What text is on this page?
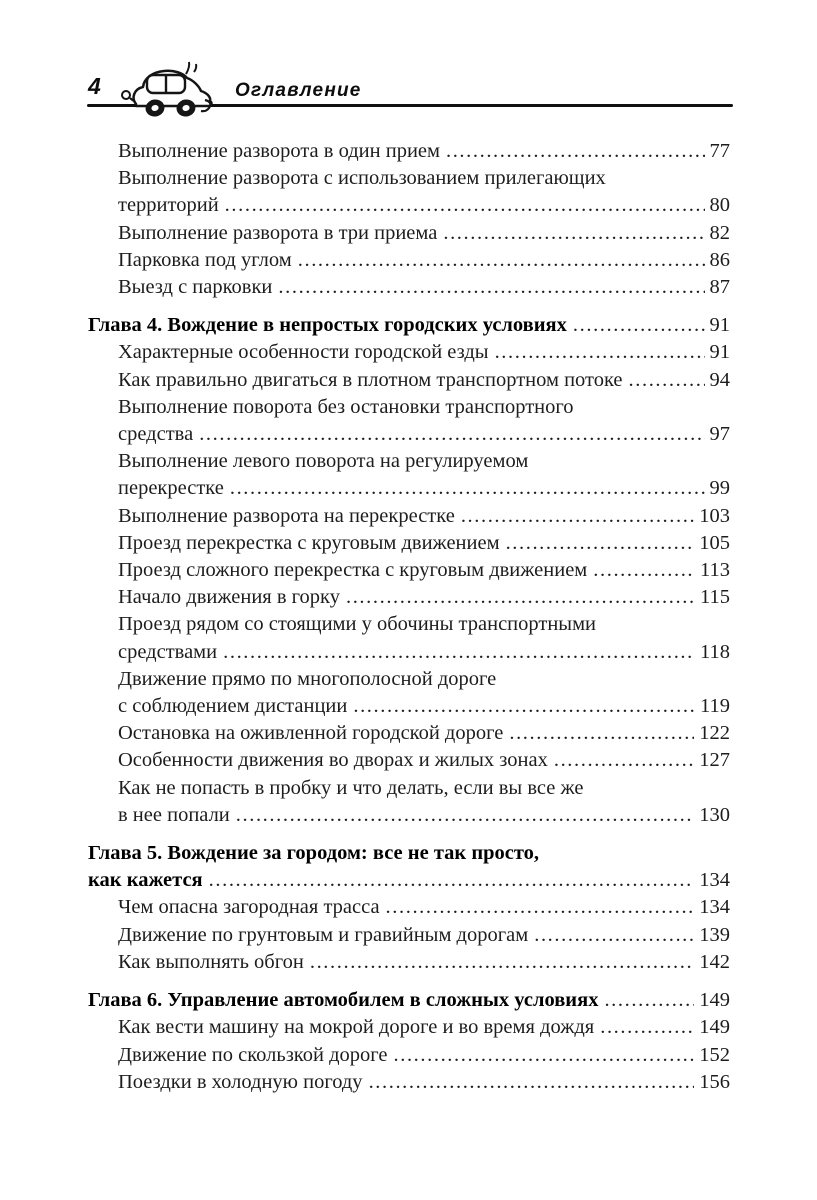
4	Оглавление
Выполнение разворота в один прием .....	77
Выполнение разворота с использованием прилегающих
территорий .....	80
Выполнение разворота в три приема .....	82
Парковка под углом .....	86
Выезд с парковки .....	87
Глава 4. Вождение в непростых городских условиях .....	91
Характерные особенности городской езды .....	91
Как правильно двигаться в плотном транспортном потоке .....	94
Выполнение поворота без остановки транспортного
средства .....	97
Выполнение левого поворота на регулируемом
перекрестке .....	99
Выполнение разворота на перекрестке .....	103
Проезд перекрестка с круговым движением .....	105
Проезд сложного перекрестка с круговым движением .....	113
Начало движения в горку .....	115
Проезд рядом со стоящими у обочины транспортными
средствами .....	118
Движение прямо по многополосной дороге
с соблюдением дистанции .....	119
Остановка на оживленной городской дороге .....	122
Особенности движения во дворах и жилых зонах .....	127
Как не попасть в пробку и что делать, если вы все же
в нее попали .....	130
Глава 5. Вождение за городом: все не так просто,
как кажется .....	134
Чем опасна загородная трасса .....	134
Движение по грунтовым и гравийным дорогам .....	139
Как выполнять обгон .....	142
Глава 6. Управление автомобилем в сложных условиях .....	149
Как вести машину на мокрой дороге и во время дождя .....	149
Движение по скользкой дороге .....	152
Поездки в холодную погоду .....	156
